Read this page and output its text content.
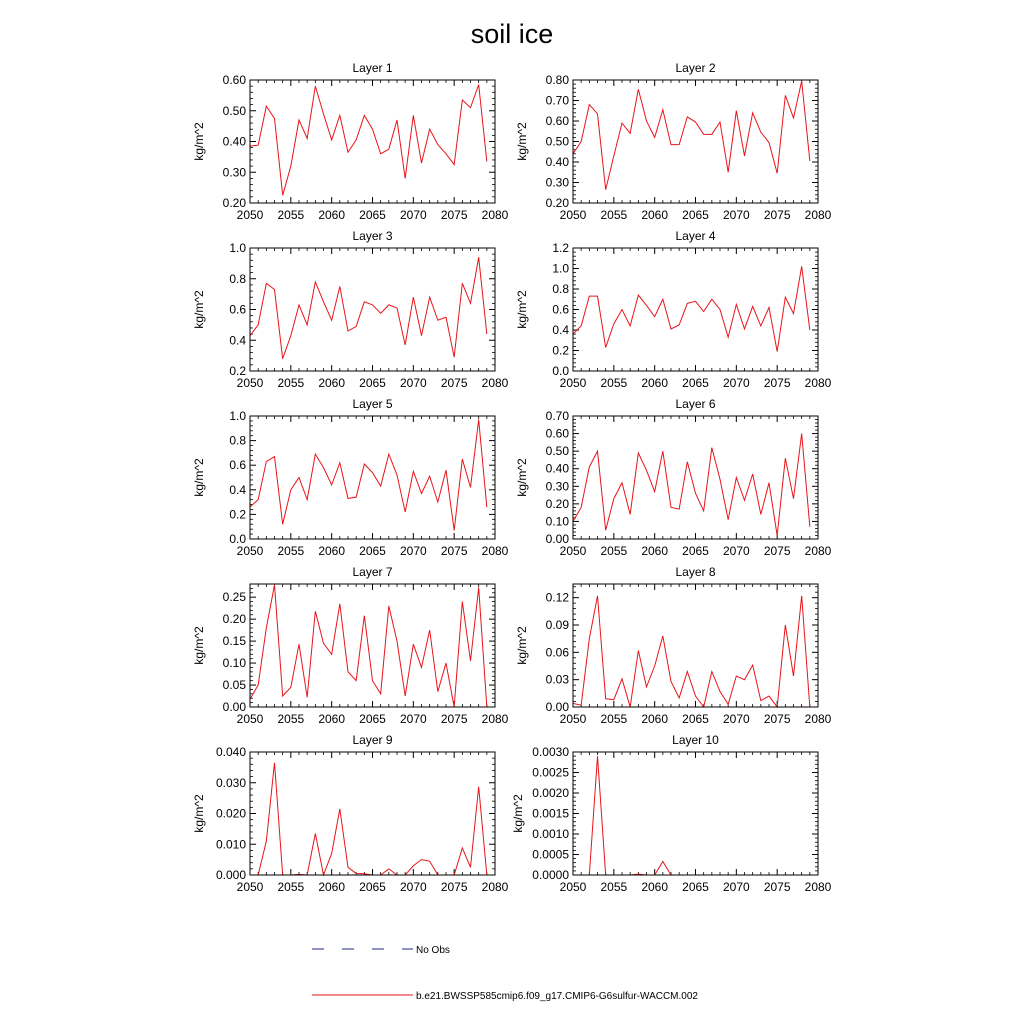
soil ice
Layer 1
2050 2055 2060 2065 2070 2075 2080
0.20
0.30
0.40
0.50
0.60
kg/m^2
Layer 2
2050 2055 2060 2065 2070 2075 2080
0.20
0.30
0.40
0.50
0.60
0.70
0.80
kg/m^2
Layer 3
2050 2055 2060 2065 2070 2075 2080
0.2
0.4
0.6
0.8
1.0
kg/m^2
Layer 4
2050 2055 2060 2065 2070 2075 2080
0.0
0.2
0.4
0.6
0.8
1.0
1.2
kg/m^2
Layer 5
2050 2055 2060 2065 2070 2075 2080
0.0
0.2
0.4
0.6
0.8
1.0
kg/m^2
Layer 6
2050 2055 2060 2065 2070 2075 2080
0.00
0.10
0.20
0.30
0.40
0.50
0.60
0.70
kg/m^2
Layer 7
2050 2055 2060 2065 2070 2075 2080
0.00
0.05
0.10
0.15
0.20
0.25
kg/m^2
Layer 8
2050 2055 2060 2065 2070 2075 2080
0.00
0.03
0.06
0.09
0.12
kg/m^2
Layer 9
2050 2055 2060 2065 2070 2075 2080
0.000
0.010
0.020
0.030
0.040
kg/m^2
Layer 10
2050 2055 2060 2065 2070 2075 2080
0.0000
0.0005
0.0010
0.0015
0.0020
0.0025
0.0030
kg/m^2
No Obs
b.e21.BWSSP585cmip6.f09_g17.CMIP6-G6sulfur-WACCM.002
